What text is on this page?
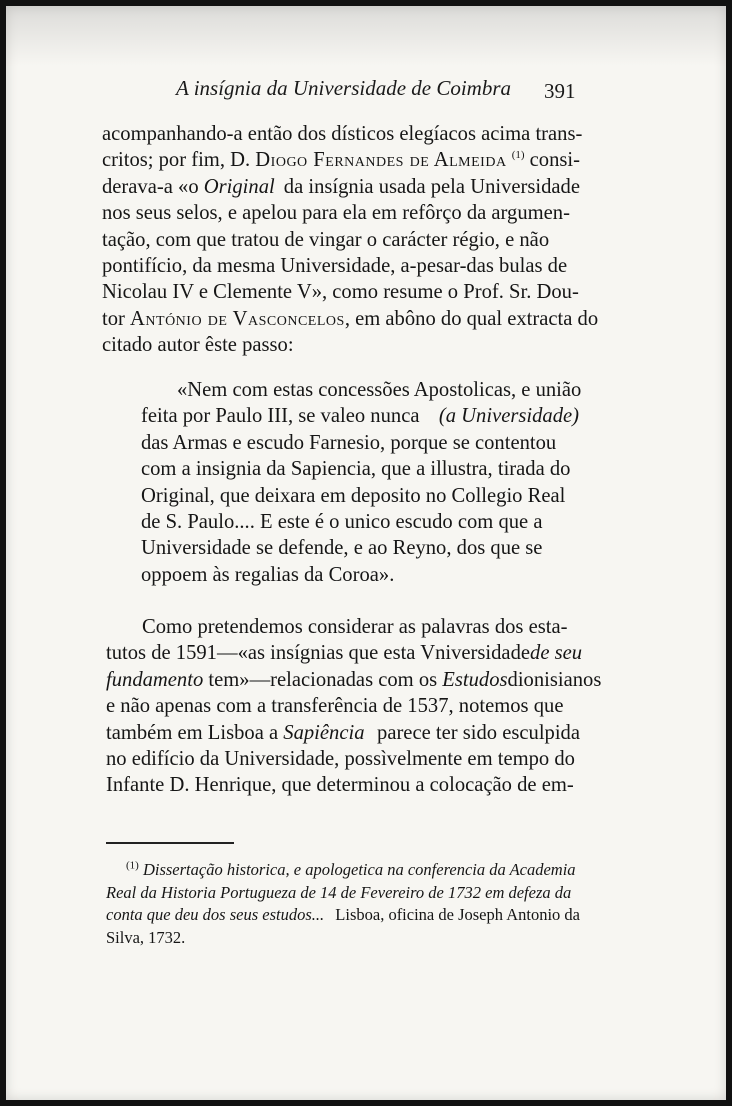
A insígnia da Universidade de Coimbra 391
acompanhando-a então dos dísticos elegíacos acima trans-
critos; por fim, D. Diogo Fernandes de Almeida $^{(1)}$ consi-
derava-a «o Original da insígnia usada pela Universidade
nos seus selos, e apelou para ela em refôrço da argumen-
tação, com que tratou de vingar o carácter régio, e não
pontifício, da mesma Universidade, a-pesar-das bulas de
Nicolau IV e Clemente V», como resume o Prof. Sr. Dou-
tor António de Vasconcelos , em abôno do qual extracta do
citado autor êste passo:
«Nem com estas concessões Apostolicas, e união
feita por Paulo III, se valeo nunca (a Universidade)
das Armas e escudo Farnesio, porque se contentou
com a insignia da Sapiencia, que a illustra, tirada do
Original, que deixara em deposito no Collegio Real
de S. Paulo.... E este é o unico escudo com que a
Universidade se defende, e ao Reyno, dos que se
oppoem às regalias da Coroa».
Como pretendemos considerar as palavras dos esta-
tutos de 1591—«as insígnias que esta Vniversidade de seu
fundamento tem»—relacionadas com os Estudos dionisianos
e não apenas com a transferência de 1537, notemos que
também em Lisboa a Sapiência parece ter sido esculpida
no edifício da Universidade, possìvelmente em tempo do
Infante D. Henrique, que determinou a colocação de em-
$^{(1)}$ Dissertação historica, e apologetica na conferencia da Academia
Real da Historia Portugueza de 14 de Fevereiro de 1732 em defeza da
conta que deu dos seus estudos... Lisboa, oficina de Joseph Antonio da
Silva, 1732.
